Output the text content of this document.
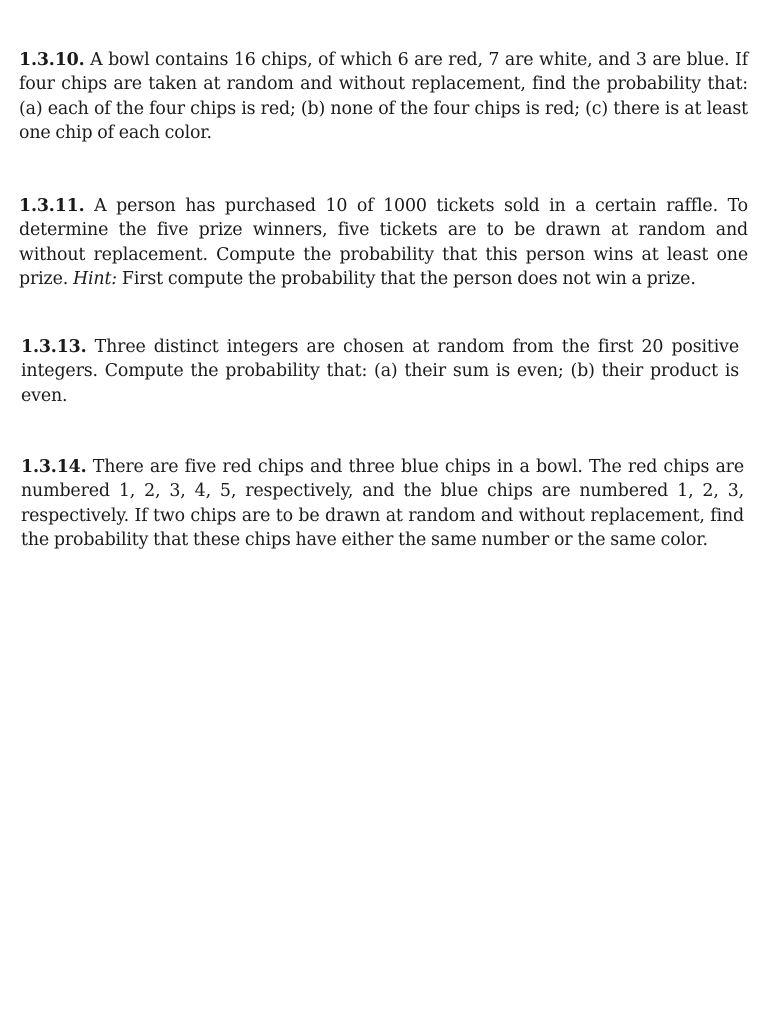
1.3.10. A bowl contains 16 chips, of which 6 are red, 7 are white, and 3 are blue. If four chips are taken at random and without replacement, find the probability that: (a) each of the four chips is red; (b) none of the four chips is red; (c) there is at least one chip of each color.
1.3.11. A person has purchased 10 of 1000 tickets sold in a certain raffle. To determine the five prize winners, five tickets are to be drawn at random and without replacement. Compute the probability that this person wins at least one prize. Hint: First compute the probability that the person does not win a prize.
1.3.13. Three distinct integers are chosen at random from the first 20 positive integers. Compute the probability that: (a) their sum is even; (b) their product is even.
1.3.14. There are five red chips and three blue chips in a bowl. The red chips are numbered 1, 2, 3, 4, 5, respectively, and the blue chips are numbered 1, 2, 3, respectively. If two chips are to be drawn at random and without replacement, find the probability that these chips have either the same number or the same color.
